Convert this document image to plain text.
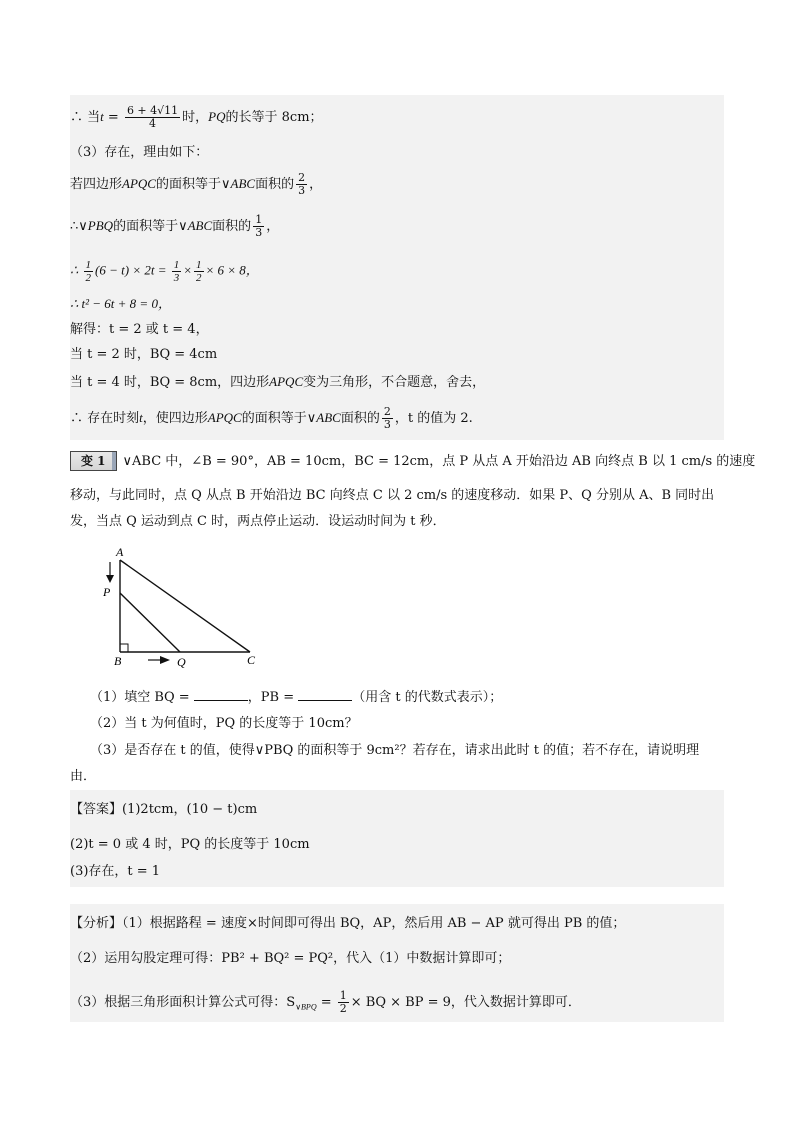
∴ 当$t = \frac{6 + 4√11}{4}$ 时，PQ的长等于 8cm；
（3）存在，理由如下：
若四边形APQC的面积等于∨ABC面积的 $\frac{2}{3}$ ，
∴∨PBQ的面积等于∨ABC面积的 $\frac{1}{3}$ ，
∴ $\frac{1}{2} (6 - t) \times 2t = \frac{1}{3} \times \frac{1}{2} \times 6 \times 8$，
∴ t² − 6t + 8 = 0，
解得：t = 2 或 t = 4，
当 t = 2 时，BQ = 4cm
当 t = 4 时，BQ = 8cm，四边形APQC变为三角形，不合题意，舍去，
∴ 存在时刻t，使四边形APQC的面积等于∨ABC面积的 $\frac{2}{3}$ ，t 的值为 2.
变 1 ∨ABC 中，∠B = 90°，AB = 10cm，BC = 12cm，点 P 从点 A 开始沿边 AB 向终点 B 以 1 cm/s 的速度
移动，与此同时，点 Q 从点 B 开始沿边 BC 向终点 C 以 2 cm/s 的速度移动．如果 P、Q 分别从 A、B 同时出
发，当点 Q 运动到点 C 时，两点停止运动．设运动时间为 t 秒．
A
P
B	Q	C
（1）填空 BQ =	，PB =	（用含 t 的代数式表示）；
（2）当 t 为何值时，PQ 的长度等于 10cm？
（3）是否存在 t 的值，使得∨PBQ 的面积等于 9cm²？若存在，请求出此时 t 的值；若不存在，请说明理
由．
【答案】(1)2tcm，(10 − t)cm
(2)t = 0 或 4 时，PQ 的长度等于 10cm
(3)存在，t = 1
【分析】（1）根据路程 = 速度×时间即可得出 BQ，AP，然后用 AB − AP 就可得出 PB 的值；
（2）运用勾股定理可得：PB² + BQ² = PQ²，代入（1）中数据计算即可；
（3）根据三角形面积计算公式可得：$S_{\vee BPQ} = \frac{1}{2}$ × BQ × BP = 9，代入数据计算即可．
